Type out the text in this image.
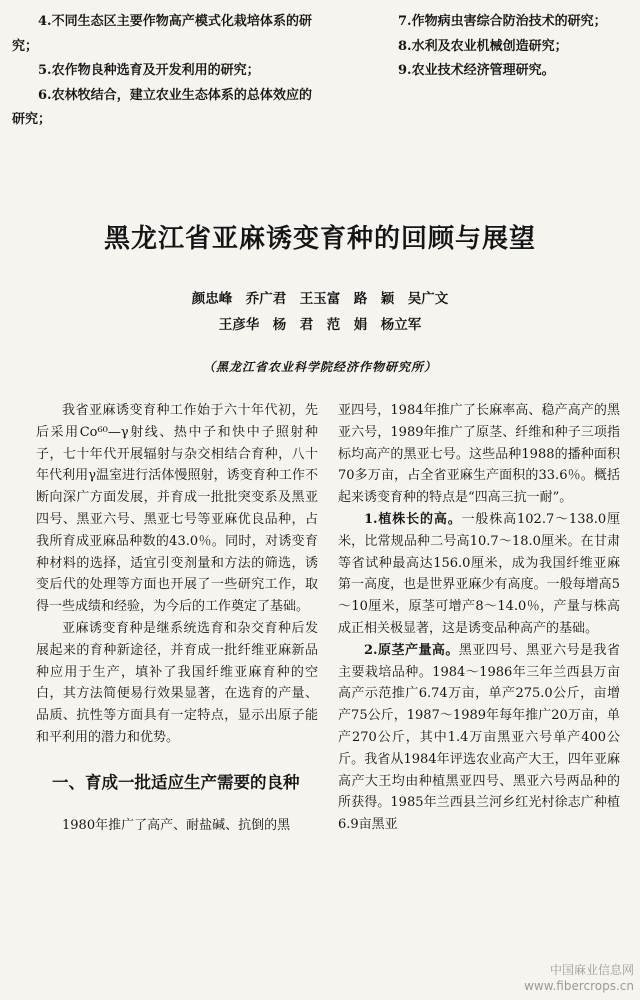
4.不同生态区主要作物高产模式化栽培体系的研究；

5.农作物良种选育及开发利用的研究；

6.农林牧结合，建立农业生态体系的总体效应的研究；

7.作物病虫害综合防治技术的研究；

8.水利及农业机械创造研究；

9.农业技术经济管理研究。

黑龙江省亚麻诱变育种的回顾与展望

颜忠峰　乔广君　王玉富　路　颖　吴广文

王彦华　杨　君　范　娟　杨立军

（黑龙江省农业科学院经济作物研究所）

我省亚麻诱变育种工作始于六十年代初，先后采用Co⁶⁰—γ射线、热中子和快中子照射种子，七十年代开展辐射与杂交相结合育种，八十年代利用γ温室进行活体慢照射，诱变育种工作不断向深广方面发展，并育成一批批突变系及黑亚四号、黑亚六号、黑亚七号等亚麻优良品种，占我所育成亚麻品种数的43.0％。同时，对诱变育种材料的选择，适宜引变剂量和方法的筛选，诱变后代的处理等方面也开展了一些研究工作，取得一些成绩和经验，为今后的工作奠定了基础。

亚麻诱变育种是继系统选育和杂交育种后发展起来的育种新途径，并育成一批纤维亚麻新品种应用于生产，填补了我国纤维亚麻育种的空白，其方法简便易行效果显著，在选育的产量、品质、抗性等方面具有一定特点，显示出原子能和平利用的潜力和优势。

一、育成一批适应生产需要的良种

1980年推广了高产、耐盐碱、抗倒的黑

亚四号，1984年推广了长麻率高、稳产高产的黑亚六号，1989年推广了原茎、纤维和种子三项指标均高产的黑亚七号。这些品种1988的播种面积70多万亩，占全省亚麻生产面积的33.6％。概括起来诱变育种的特点是“四高三抗一耐”。

1.植株长的高。一般株高102.7～138.0厘米，比常规品种二号高10.7～18.0厘米。在甘肃等省试种最高达156.0厘米，成为我国纤维亚麻第一高度，也是世界亚麻少有高度。一般每增高5～10厘米，原茎可增产8～14.0％，产量与株高成正相关极显著，这是诱变品种高产的基础。

2.原茎产量高。黑亚四号、黑亚六号是我省主要栽培品种。1984～1986年三年兰西县万亩高产示范推广6.74万亩，单产275.0公斤，亩增产75公斤，1987～1989年每年推广20万亩，单产270公斤，其中1.4万亩黑亚六号单产400公斤。我省从1984年评选农业高产大王，四年亚麻高产大王均由种植黑亚四号、黑亚六号两品种的所获得。1985年兰西县兰河乡红光村徐志广种植6.9亩黑亚

中国麻业信息网
www.fibercrops.cn
